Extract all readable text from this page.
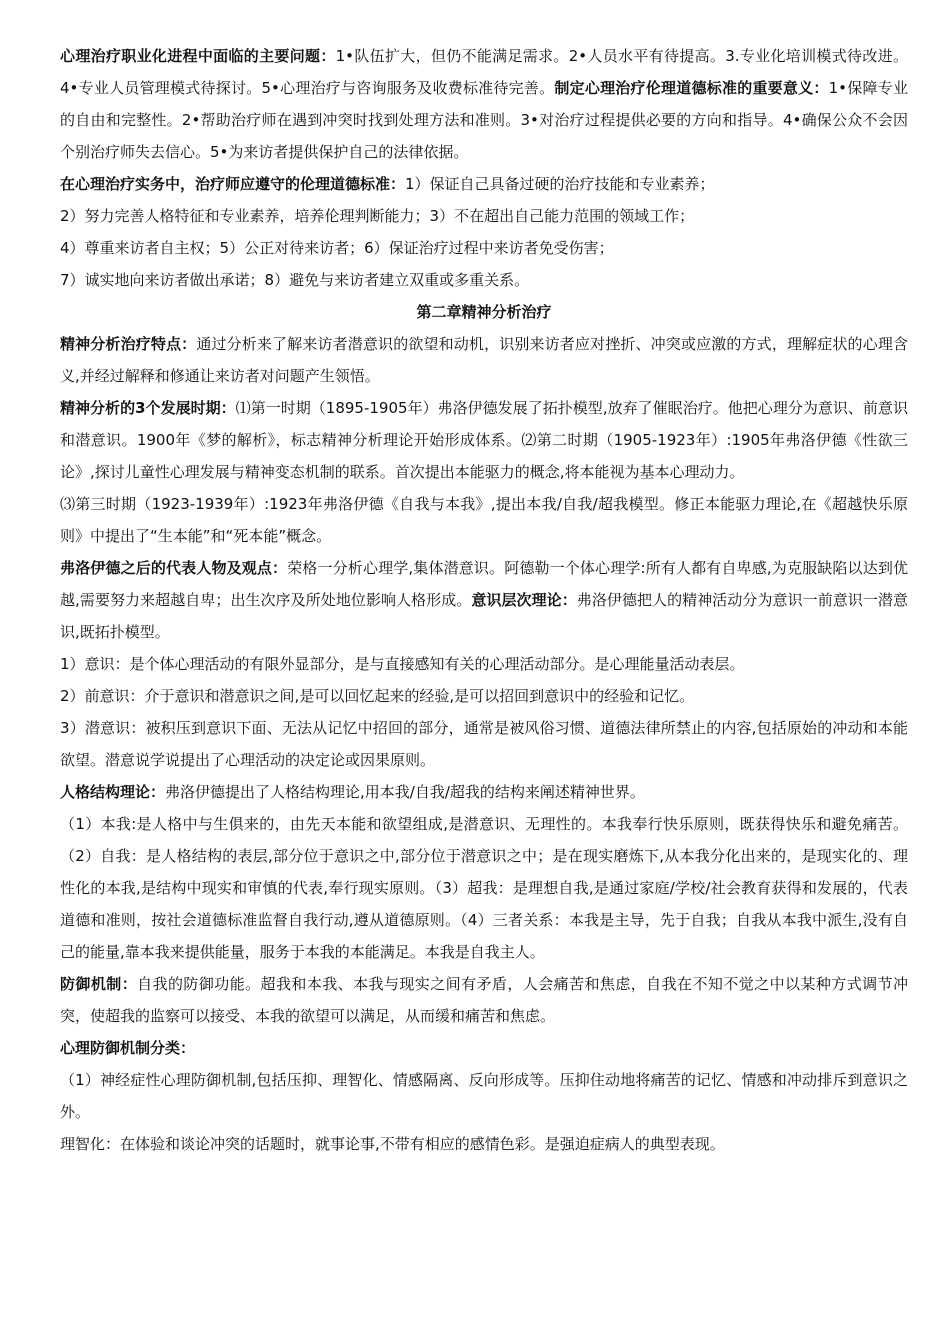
心理治疗职业化进程中面临的主要问题：1•队伍扩大，但仍不能满足需求。2•人员水平有待提高。3.专业化培训模式待改进。4•专业人员管理模式待探讨。5•心理治疗与咨询服务及收费标准待完善。制定心理治疗伦理道德标准的重要意义：1•保障专业的自由和完整性。2•帮助治疗师在遇到冲突时找到处理方法和准则。3•对治疗过程提供必要的方向和指导。4•确保公众不会因个别治疗师失去信心。5•为来访者提供保护自己的法律依据。

在心理治疗实务中，治疗师应遵守的伦理道德标准：1）保证自己具备过硬的治疗技能和专业素养；

2）努力完善人格特征和专业素养，培养伦理判断能力；3）不在超出自己能力范围的领域工作；

4）尊重来访者自主权；5）公正对待来访者；6）保证治疗过程中来访者免受伤害；

7）诚实地向来访者做出承诺；8）避免与来访者建立双重或多重关系。

第二章精神分析治疗

精神分析治疗特点：通过分析来了解来访者潜意识的欲望和动机，识别来访者应对挫折、冲突或应激的方式，理解症状的心理含义,并经过解释和修通让来访者对问题产生领悟。

精神分析的3个发展时期：⑴第一时期（1895-1905年）弗洛伊德发展了拓扑模型,放弃了催眠治疗。他把心理分为意识、前意识和潜意识。1900年《梦的解析》，标志精神分析理论开始形成体系。⑵第二时期（1905-1923年）:1905年弗洛伊德《性欲三论》,探讨儿童性心理发展与精神变态机制的联系。首次提出本能驱力的概念,将本能视为基本心理动力。

⑶第三时期（1923-1939年）:1923年弗洛伊德《自我与本我》,提出本我/自我/超我模型。修正本能驱力理论,在《超越快乐原则》中提出了“生本能”和“死本能”概念。

弗洛伊德之后的代表人物及观点：荣格一分析心理学,集体潜意识。阿德勒一个体心理学:所有人都有自卑感,为克服缺陷以达到优越,需要努力来超越自卑；出生次序及所处地位影响人格形成。意识层次理论：弗洛伊德把人的精神活动分为意识一前意识一潜意识,既拓扑模型。

1）意识：是个体心理活动的有限外显部分，是与直接感知有关的心理活动部分。是心理能量活动表层。

2）前意识：介于意识和潜意识之间,是可以回忆起来的经验,是可以招回到意识中的经验和记忆。

3）潜意识：被积压到意识下面、无法从记忆中招回的部分，通常是被风俗习惯、道德法律所禁止的内容,包括原始的冲动和本能欲望。潜意说学说提出了心理活动的决定论或因果原则。

人格结构理论：弗洛伊德提出了人格结构理论,用本我/自我/超我的结构来阐述精神世界。

（1）本我:是人格中与生俱来的，由先天本能和欲望组成,是潜意识、无理性的。本我奉行快乐原则，既获得快乐和避免痛苦。（2）自我：是人格结构的表层,部分位于意识之中,部分位于潜意识之中；是在现实磨炼下,从本我分化出来的，是现实化的、理性化的本我,是结构中现实和审慎的代表,奉行现实原则。（3）超我：是理想自我,是通过家庭/学校/社会教育获得和发展的，代表道德和准则，按社会道德标准监督自我行动,遵从道德原则。（4）三者关系：本我是主导，先于自我；自我从本我中派生,没有自己的能量,靠本我来提供能量，服务于本我的本能满足。本我是自我主人。

防御机制：自我的防御功能。超我和本我、本我与现实之间有矛盾，人会痛苦和焦虑，自我在不知不觉之中以某种方式调节冲突，使超我的监察可以接受、本我的欲望可以满足，从而缓和痛苦和焦虑。

心理防御机制分类：

（1）神经症性心理防御机制,包括压抑、理智化、情感隔离、反向形成等。压抑住动地将痛苦的记忆、情感和冲动排斥到意识之外。

理智化：在体验和谈论冲突的话题时，就事论事,不带有相应的感情色彩。是强迫症病人的典型表现。
